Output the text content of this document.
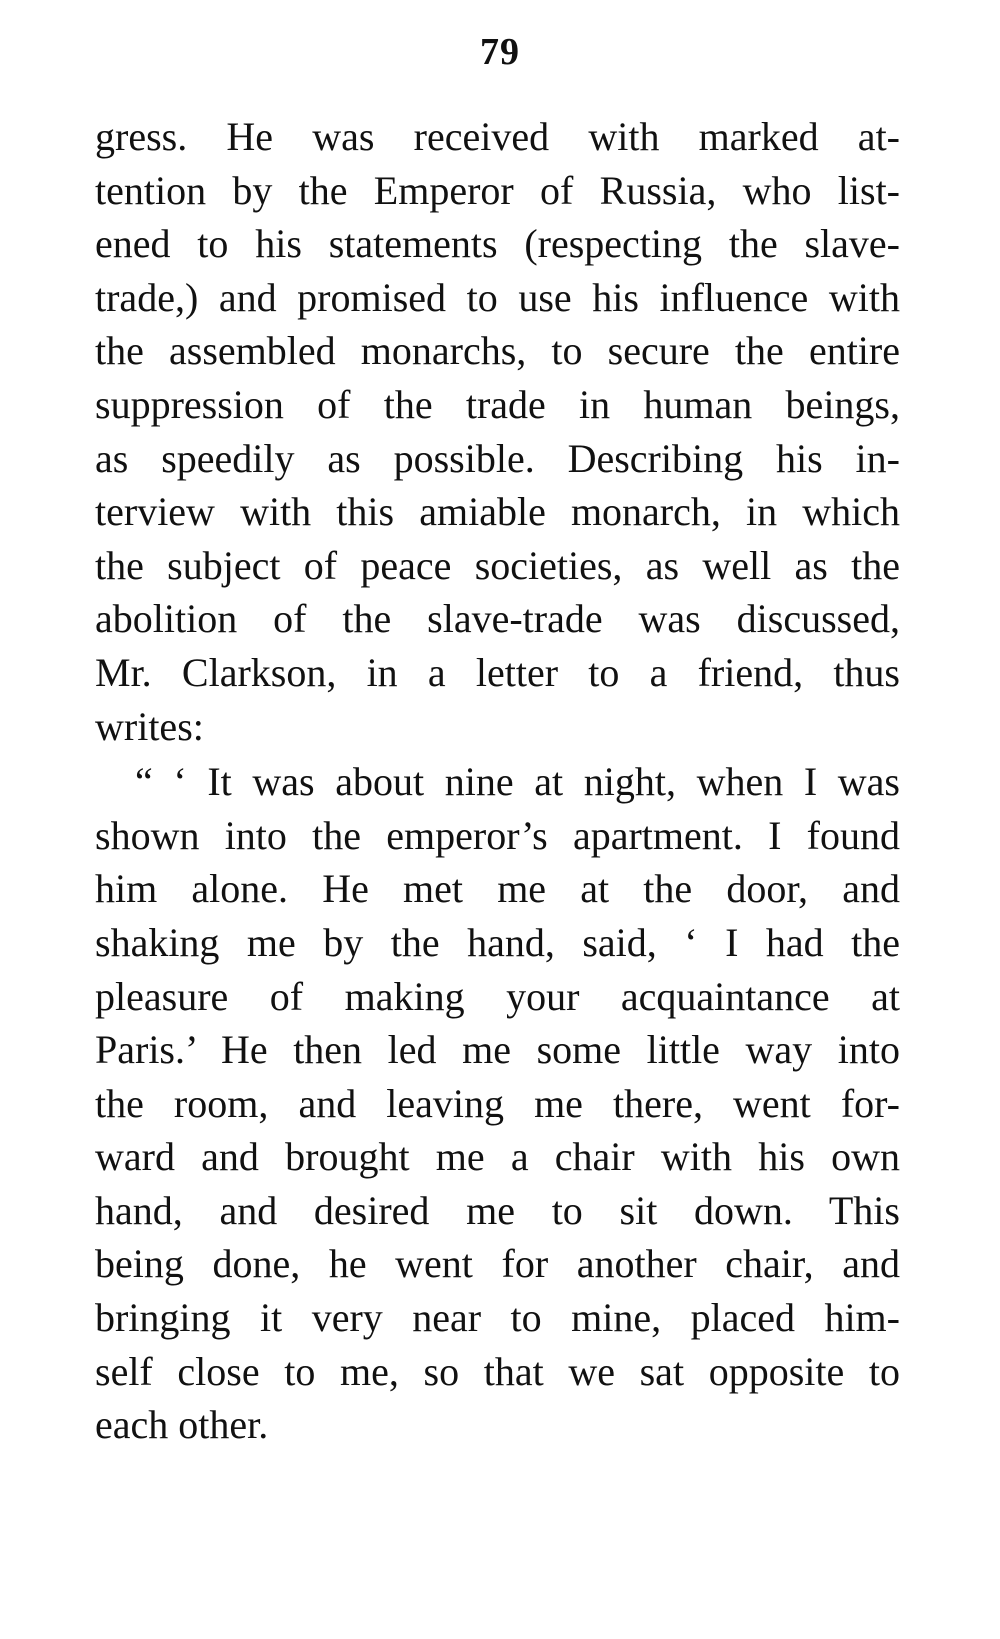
79
gress. He was received with marked at-
tention by the Emperor of Russia, who list-
ened to his statements (respecting the slave-
trade,) and promised to use his influence with
the assembled monarchs, to secure the entire
suppression of the trade in human beings,
as speedily as possible. Describing his in-
terview with this amiable monarch, in which
the subject of peace societies, as well as the
abolition of the slave-trade was discussed,
Mr. Clarkson, in a letter to a friend, thus
writes:
“ ‘ It was about nine at night, when I was
shown into the emperor’s apartment. I found
him alone. He met me at the door, and
shaking me by the hand, said, ‘ I had the
pleasure of making your acquaintance at
Paris.’ He then led me some little way into
the room, and leaving me there, went for-
ward and brought me a chair with his own
hand, and desired me to sit down. This
being done, he went for another chair, and
bringing it very near to mine, placed him-
self close to me, so that we sat opposite to
each other.
